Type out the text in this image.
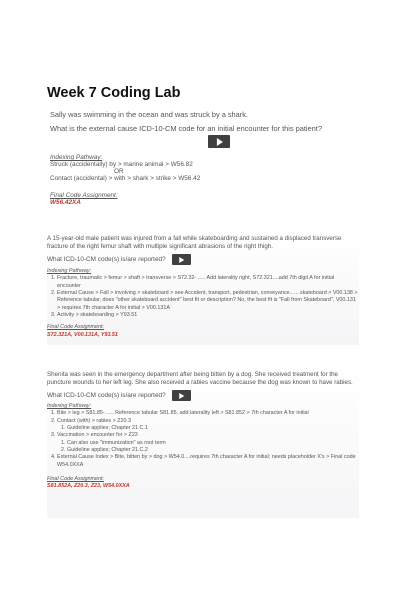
Week 7 Coding Lab
Sally was swimming in the ocean and was struck by a shark.
What is the external cause ICD-10-CM code for an initial encounter for this patient?
Indexing Pathway:
Struck (accidentally) by > marine animal > W56.82
OR
Contact (accidental) > with > shark > strike > W56.42
Final Code Assignment:
W56.42XA
A 15-year-old male patient was injured from a fall while skateboarding and sustained a displaced transverse fracture of the right femur shaft with multiple significant abrasions of the right thigh.
What ICD-10-CM code(s) is/are reported?
Indexing Pathway:
1. Fracture, traumatic > femur > shaft > transverse > S72.32- ..... Add laterality right, S72.321....add 7th digit A for initial encounter
2. External Cause > Fall > involving > skateboard > see Accident, transport, pedestrian, conveyance.......skateboard > V00.138 > Reference tabular, does "other skateboard accident" best fit or description? No, the best fit is "Fall from Skateboard", V00.131 > requires 7th character A for initial > V00.131A
3. Activity > skateboarding > Y93.51
Final Code Assignment:
S72.321A, V00.131A, Y93.51
Shenita was seen in the emergency department after being bitten by a dog. She received treatment for the puncture wounds to her left leg. She also received a rabies vaccine because the dog was known to have rabies.
What ICD-10-CM code(s) is/are reported?
Indexing Pathway:
1. Bite > leg > S81.85- ..... Reference tabular S81.85, add laterality left > S81.852 > 7th character A for initial
2. Contact (with) > rabies > Z20.3
1. Guideline applies; Chapter 21.C.1
3. Vaccination > encounter for > Z23
1. Can also use "immunization" as root term
2. Guideline applies; Chapter 21.C.2
4. External Cause Index > Bite, bitten by > dog > W54.0....requires 7th character A for initial; needs placeholder X's > Final code W54.0XXA
Final Code Assignment:
S81.852A, Z20.3, Z23, W54.0XXA
